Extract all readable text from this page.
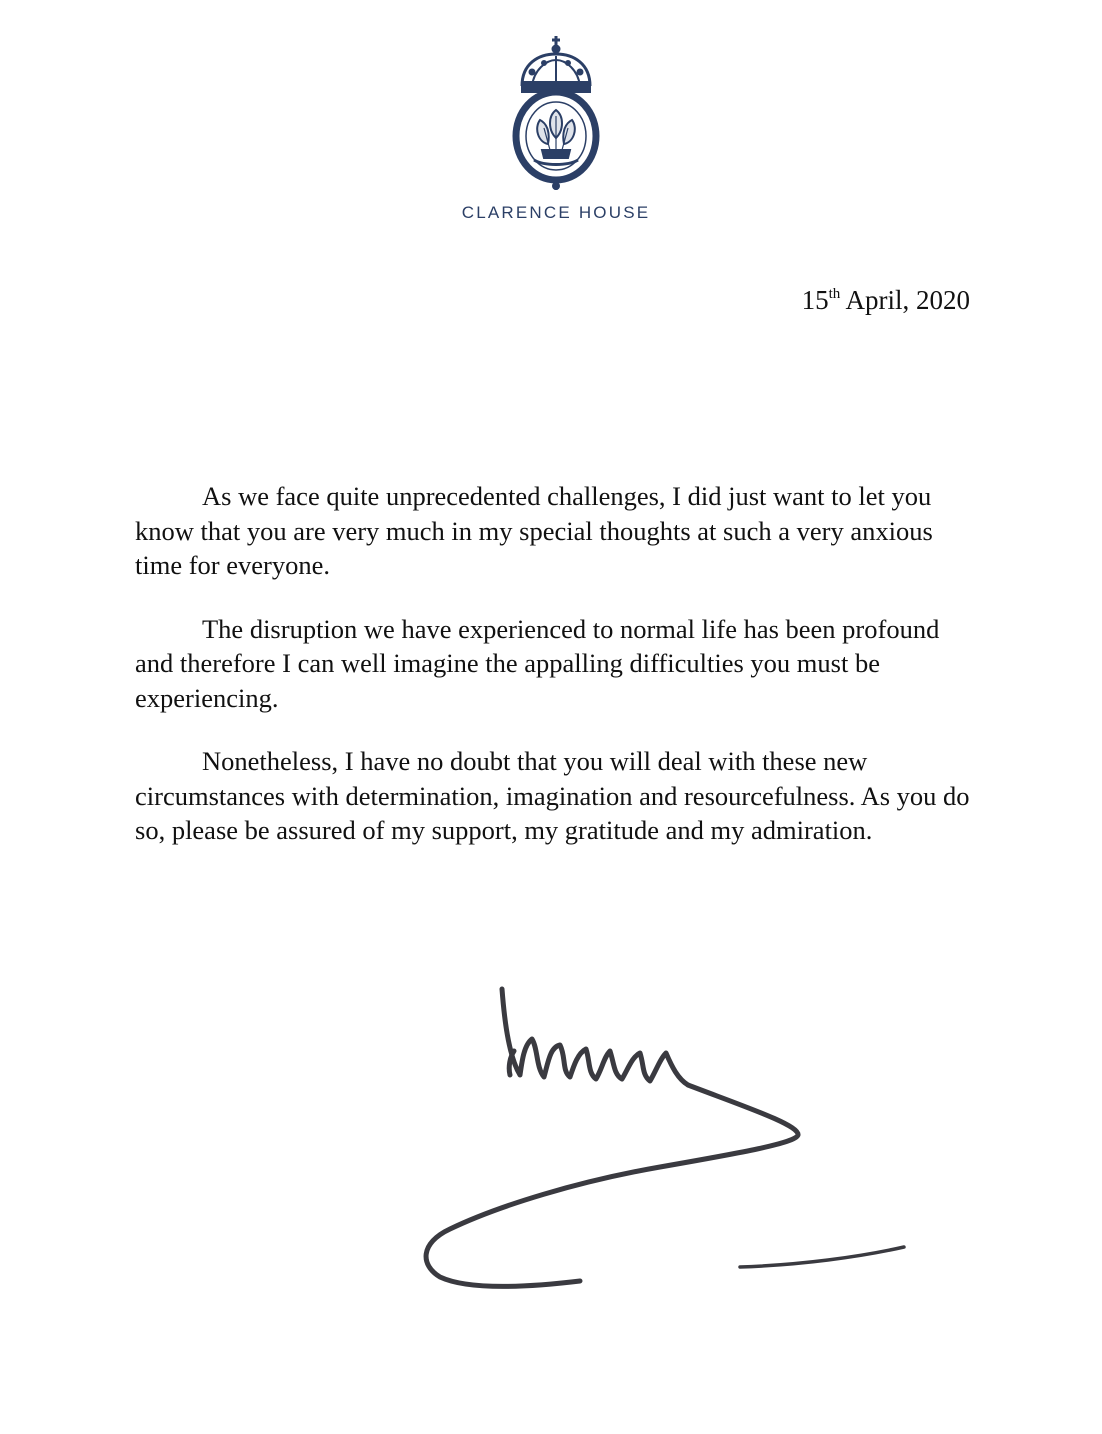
CLARENCE HOUSE
15th April, 2020

As we face quite unprecedented challenges, I did just want to let you know that you are very much in my special thoughts at such a very anxious time for everyone.

The disruption we have experienced to normal life has been profound and therefore I can well imagine the appalling difficulties you must be experiencing.

Nonetheless, I have no doubt that you will deal with these new circumstances with determination, imagination and resourcefulness. As you do so, please be assured of my support, my gratitude and my admiration.
